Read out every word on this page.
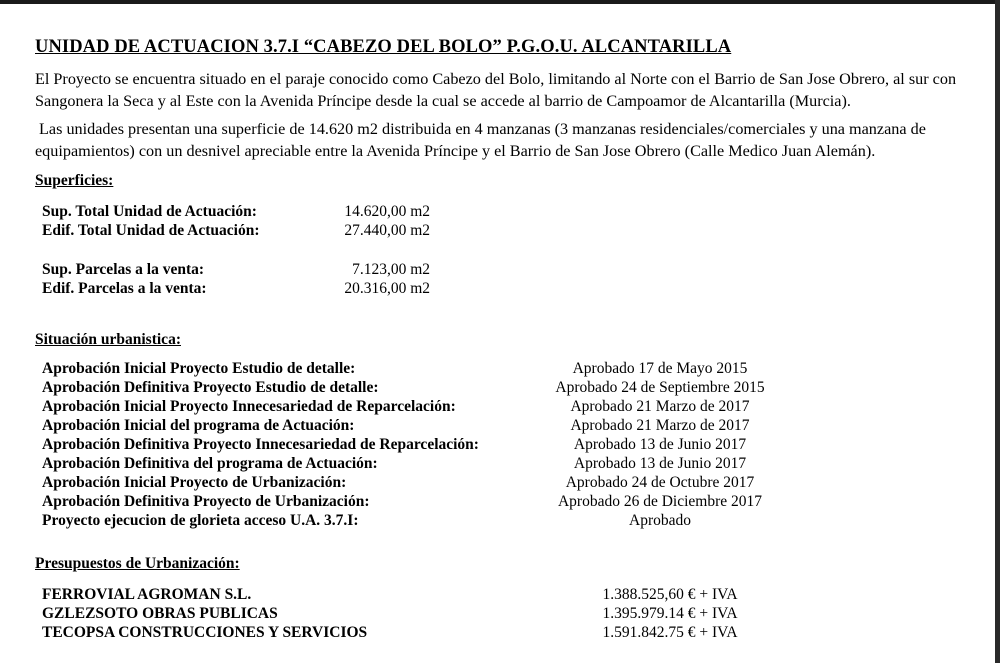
UNIDAD DE ACTUACION 3.7.I “CABEZO DEL BOLO” P.G.O.U. ALCANTARILLA
El Proyecto se encuentra situado en el paraje conocido como Cabezo del Bolo, limitando al Norte con el Barrio de San Jose Obrero, al sur con Sangonera la Seca y al Este con la Avenida Príncipe desde la cual se accede al barrio de Campoamor de Alcantarilla (Murcia).
Las unidades presentan una superficie de 14.620 m2 distribuida en 4 manzanas (3 manzanas residenciales/comerciales y una manzana de equipamientos) con un desnivel apreciable entre la Avenida Príncipe y el Barrio de San Jose Obrero (Calle Medico Juan Alemán).
Superficies:
Sup. Total Unidad de Actuación:	14.620,00 m2
Edif. Total Unidad de Actuación:	27.440,00 m2
Sup. Parcelas a la venta:	7.123,00 m2
Edif. Parcelas a la venta:	20.316,00 m2
Situación urbanistica:
Aprobación Inicial Proyecto Estudio de detalle:	Aprobado 17 de Mayo 2015
Aprobación Definitiva Proyecto Estudio de detalle:	Aprobado 24 de Septiembre 2015
Aprobación Inicial Proyecto Innecesariedad de Reparcelación:	Aprobado 21 Marzo de 2017
Aprobación Inicial del programa de Actuación:	Aprobado 21 Marzo de 2017
Aprobación Definitiva Proyecto Innecesariedad de Reparcelación:	Aprobado 13 de Junio 2017
Aprobación Definitiva del programa de Actuación:	Aprobado 13 de Junio 2017
Aprobación Inicial Proyecto de Urbanización:	Aprobado 24 de Octubre 2017
Aprobación Definitiva Proyecto de Urbanización:	Aprobado 26 de Diciembre 2017
Proyecto ejecucion de glorieta acceso U.A. 3.7.I:	Aprobado
Presupuestos de Urbanización:
FERROVIAL AGROMAN S.L.	1.388.525,60 € + IVA
GZLEZSOTO OBRAS PUBLICAS	1.395.979.14 € + IVA
TECOPSA CONSTRUCCIONES Y SERVICIOS	1.591.842.75 € + IVA
